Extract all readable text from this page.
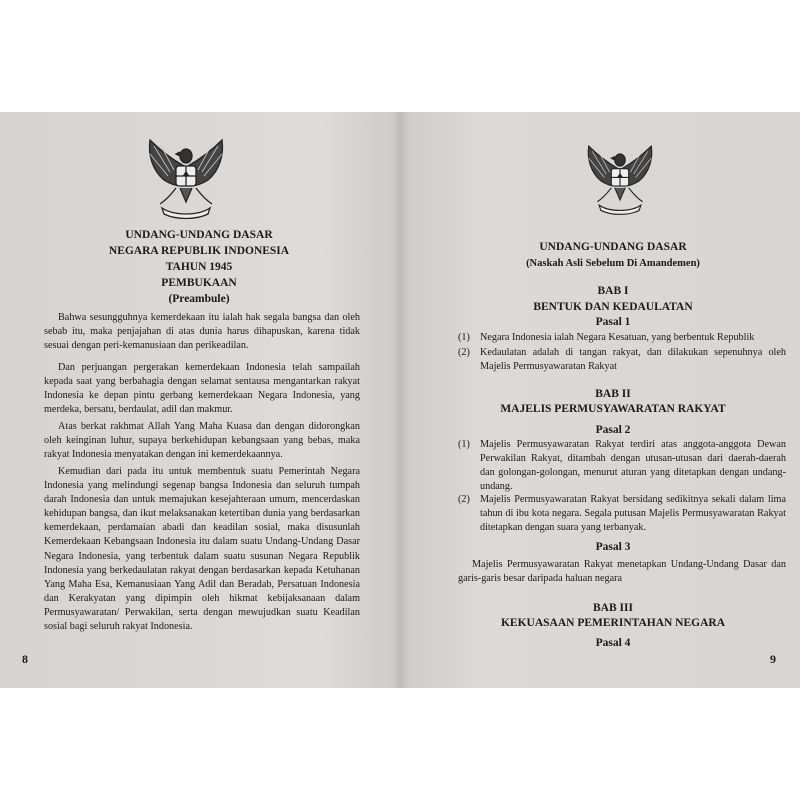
UNDANG-UNDANG DASAR
NEGARA REPUBLIK INDONESIA
TAHUN 1945
PEMBUKAAN
(Preambule)
Bahwa sesungguhnya kemerdekaan itu ialah hak segala bangsa dan oleh sebab itu, maka penjajahan di atas dunia harus dihapuskan, karena tidak sesuai dengan peri-kemanusiaan dan perikeadilan.
Dan perjuangan pergerakan kemerdekaan Indonesia telah sampailah kepada saat yang berbahagia dengan selamat sentausa mengantarkan rakyat Indonesia ke depan pintu gerbang kemerdekaan Negara Indonesia, yang merdeka, bersatu, berdaulat, adil dan makmur.
Atas berkat rakhmat Allah Yang Maha Kuasa dan dengan didorongkan oleh keinginan luhur, supaya berkehidupan kebangsaan yang bebas, maka rakyat Indonesia menyatakan dengan ini kemerdekaannya.
Kemudian dari pada itu untuk membentuk suatu Pemerintah Negara Indonesia yang melindungi segenap bangsa Indonesia dan seluruh tumpah darah Indonesia dan untuk memajukan kesejahteraan umum, mencerdaskan kehidupan bangsa, dan ikut melaksanakan ketertiban dunia yang berdasarkan kemerdekaan, perdamaian abadi dan keadilan sosial, maka disusunlah Kemerdekaan Kebangsaan Indonesia itu dalam suatu Undang-Undang Dasar Negara Indonesia, yang terbentuk dalam suatu susunan Negara Republik Indonesia yang berkedaulatan rakyat dengan berdasarkan kepada Ketuhanan Yang Maha Esa, Kemanusiaan Yang Adil dan Beradab, Persatuan Indonesia dan Kerakyatan yang dipimpin oleh hikmat kebijaksanaan dalam Permusyawaratan/ Perwakilan, serta dengan mewujudkan suatu Keadilan sosial bagi seluruh rakyat Indonesia.
8
UNDANG-UNDANG DASAR
(Naskah Asli Sebelum Di Amandemen)
BAB I
BENTUK DAN KEDAULATAN
Pasal 1
(1) Negara Indonesia ialah Negara Kesatuan, yang berbentuk Republik
(2) Kedaulatan adalah di tangan rakyat, dan dilakukan sepenuhnya oleh Majelis Permusyawaratan Rakyat
BAB II
MAJELIS PERMUSYAWARATAN RAKYAT
Pasal 2
(1) Majelis Permusyawaratan Rakyat terdiri atas anggota-anggota Dewan Perwakilan Rakyat, ditambah dengan utusan-utusan dari daerah-daerah dan golongan-golongan, menurut aturan yang ditetapkan dengan undang-undang.
(2) Majelis Permusyawaratan Rakyat bersidang sedikitnya sekali dalam lima tahun di ibu kota negara. Segala putusan Majelis Permusyawaratan Rakyat ditetapkan dengan suara yang terbanyak.
Pasal 3
Majelis Permusyawaratan Rakyat menetapkan Undang-Undang Dasar dan garis-garis besar daripada haluan negara
BAB III
KEKUASAAN PEMERINTAHAN NEGARA
Pasal 4
9
